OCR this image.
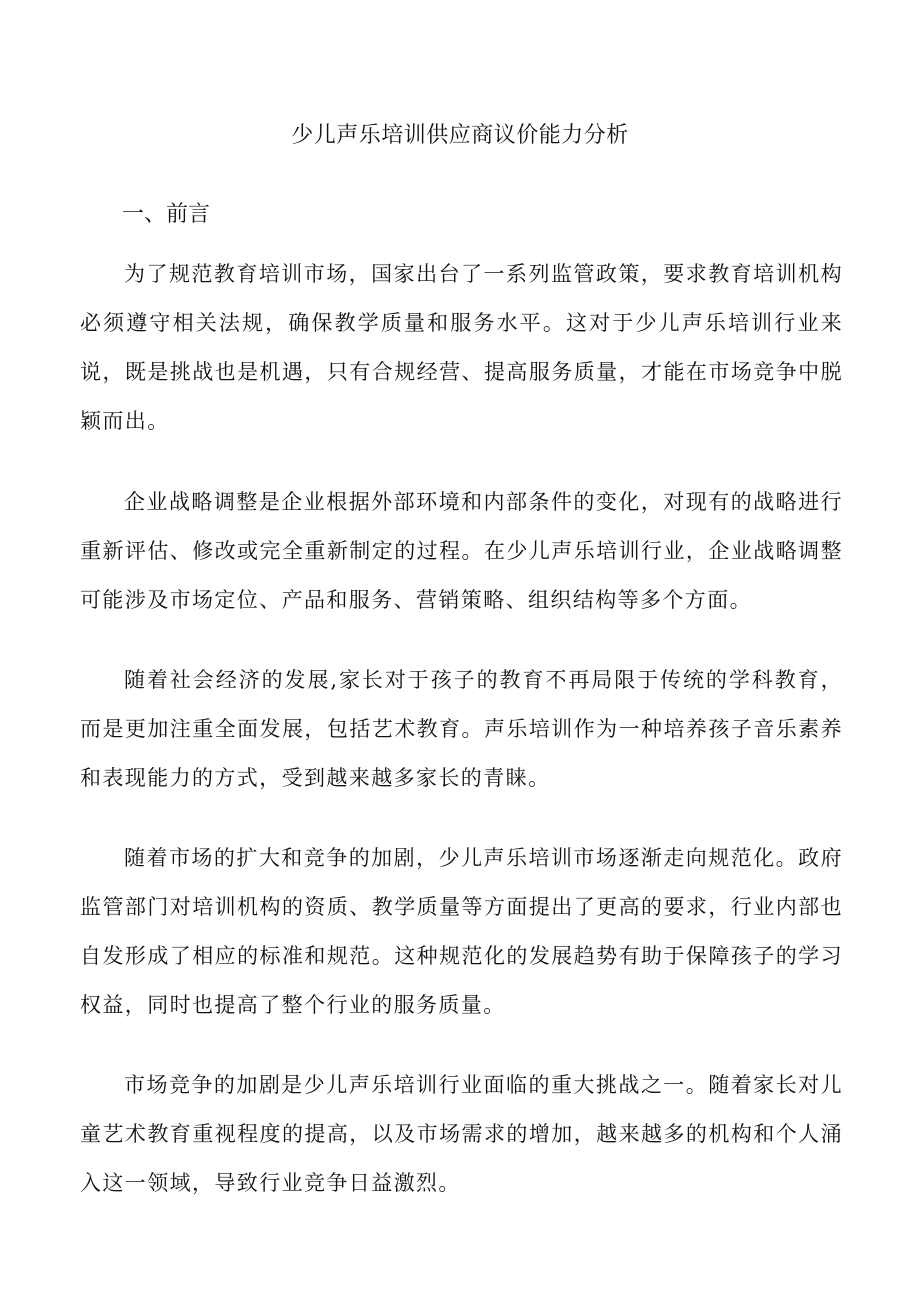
少儿声乐培训供应商议价能力分析
一、前言

为了规范教育培训市场，国家出台了一系列监管政策，要求教育培训机构必须遵守相关法规，确保教学质量和服务水平。这对于少儿声乐培训行业来说，既是挑战也是机遇，只有合规经营、提高服务质量，才能在市场竞争中脱颖而出。

企业战略调整是企业根据外部环境和内部条件的变化，对现有的战略进行重新评估、修改或完全重新制定的过程。在少儿声乐培训行业，企业战略调整可能涉及市场定位、产品和服务、营销策略、组织结构等多个方面。

随着社会经济的发展,家长对于孩子的教育不再局限于传统的学科教育，而是更加注重全面发展，包括艺术教育。声乐培训作为一种培养孩子音乐素养和表现能力的方式，受到越来越多家长的青睐。

随着市场的扩大和竞争的加剧，少儿声乐培训市场逐渐走向规范化。政府监管部门对培训机构的资质、教学质量等方面提出了更高的要求，行业内部也自发形成了相应的标准和规范。这种规范化的发展趋势有助于保障孩子的学习权益，同时也提高了整个行业的服务质量。

市场竞争的加剧是少儿声乐培训行业面临的重大挑战之一。随着家长对儿童艺术教育重视程度的提高，以及市场需求的增加，越来越多的机构和个人涌入这一领域，导致行业竞争日益激烈。
